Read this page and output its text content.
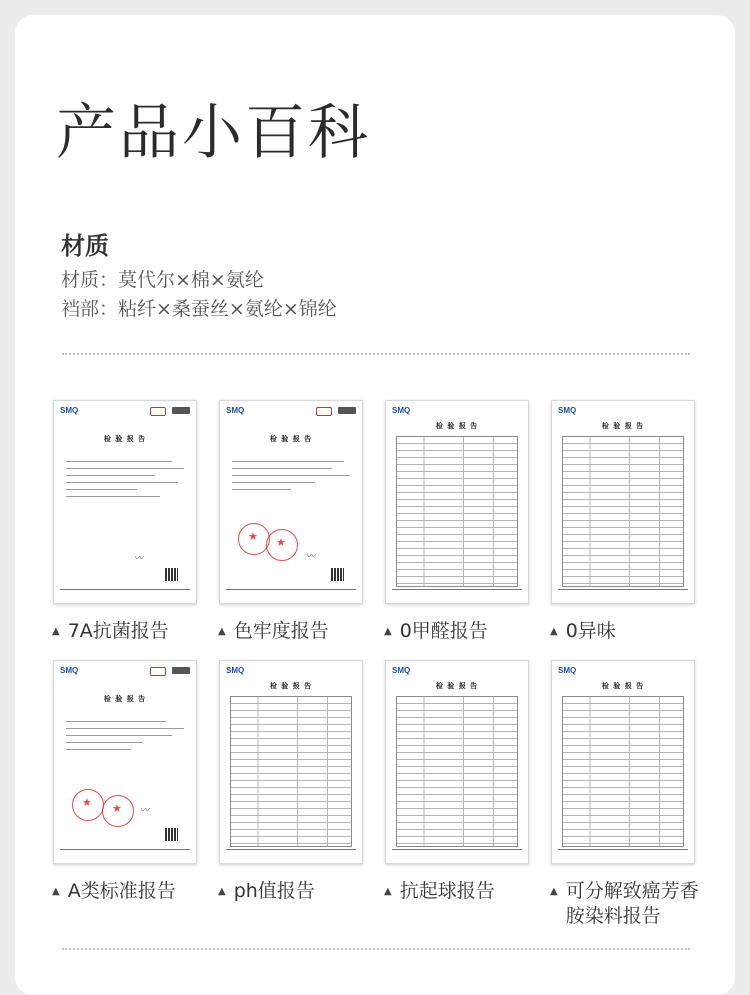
产品小百科
材质
材质：莫代尔×棉×氨纶
裆部：粘纤×桑蚕丝×氨纶×锦纶
SMQ
检 验 报 告
〰
SMQ
检 验 报 告
★
★
〰
SMQ
检 验 报 告
SMQ
检 验 报 告
▲ 7A抗菌报告	▲ 色牢度报告	▲ 0甲醛报告	▲ 0异味
SMQ
检 验 报 告
★
★
〰
SMQ
检 验 报 告
SMQ
检 验 报 告
SMQ
检 验 报 告
▲ A类标准报告	▲ ph值报告	▲ 抗起球报告	▲ 可分解致癌芳香胺染料报告
